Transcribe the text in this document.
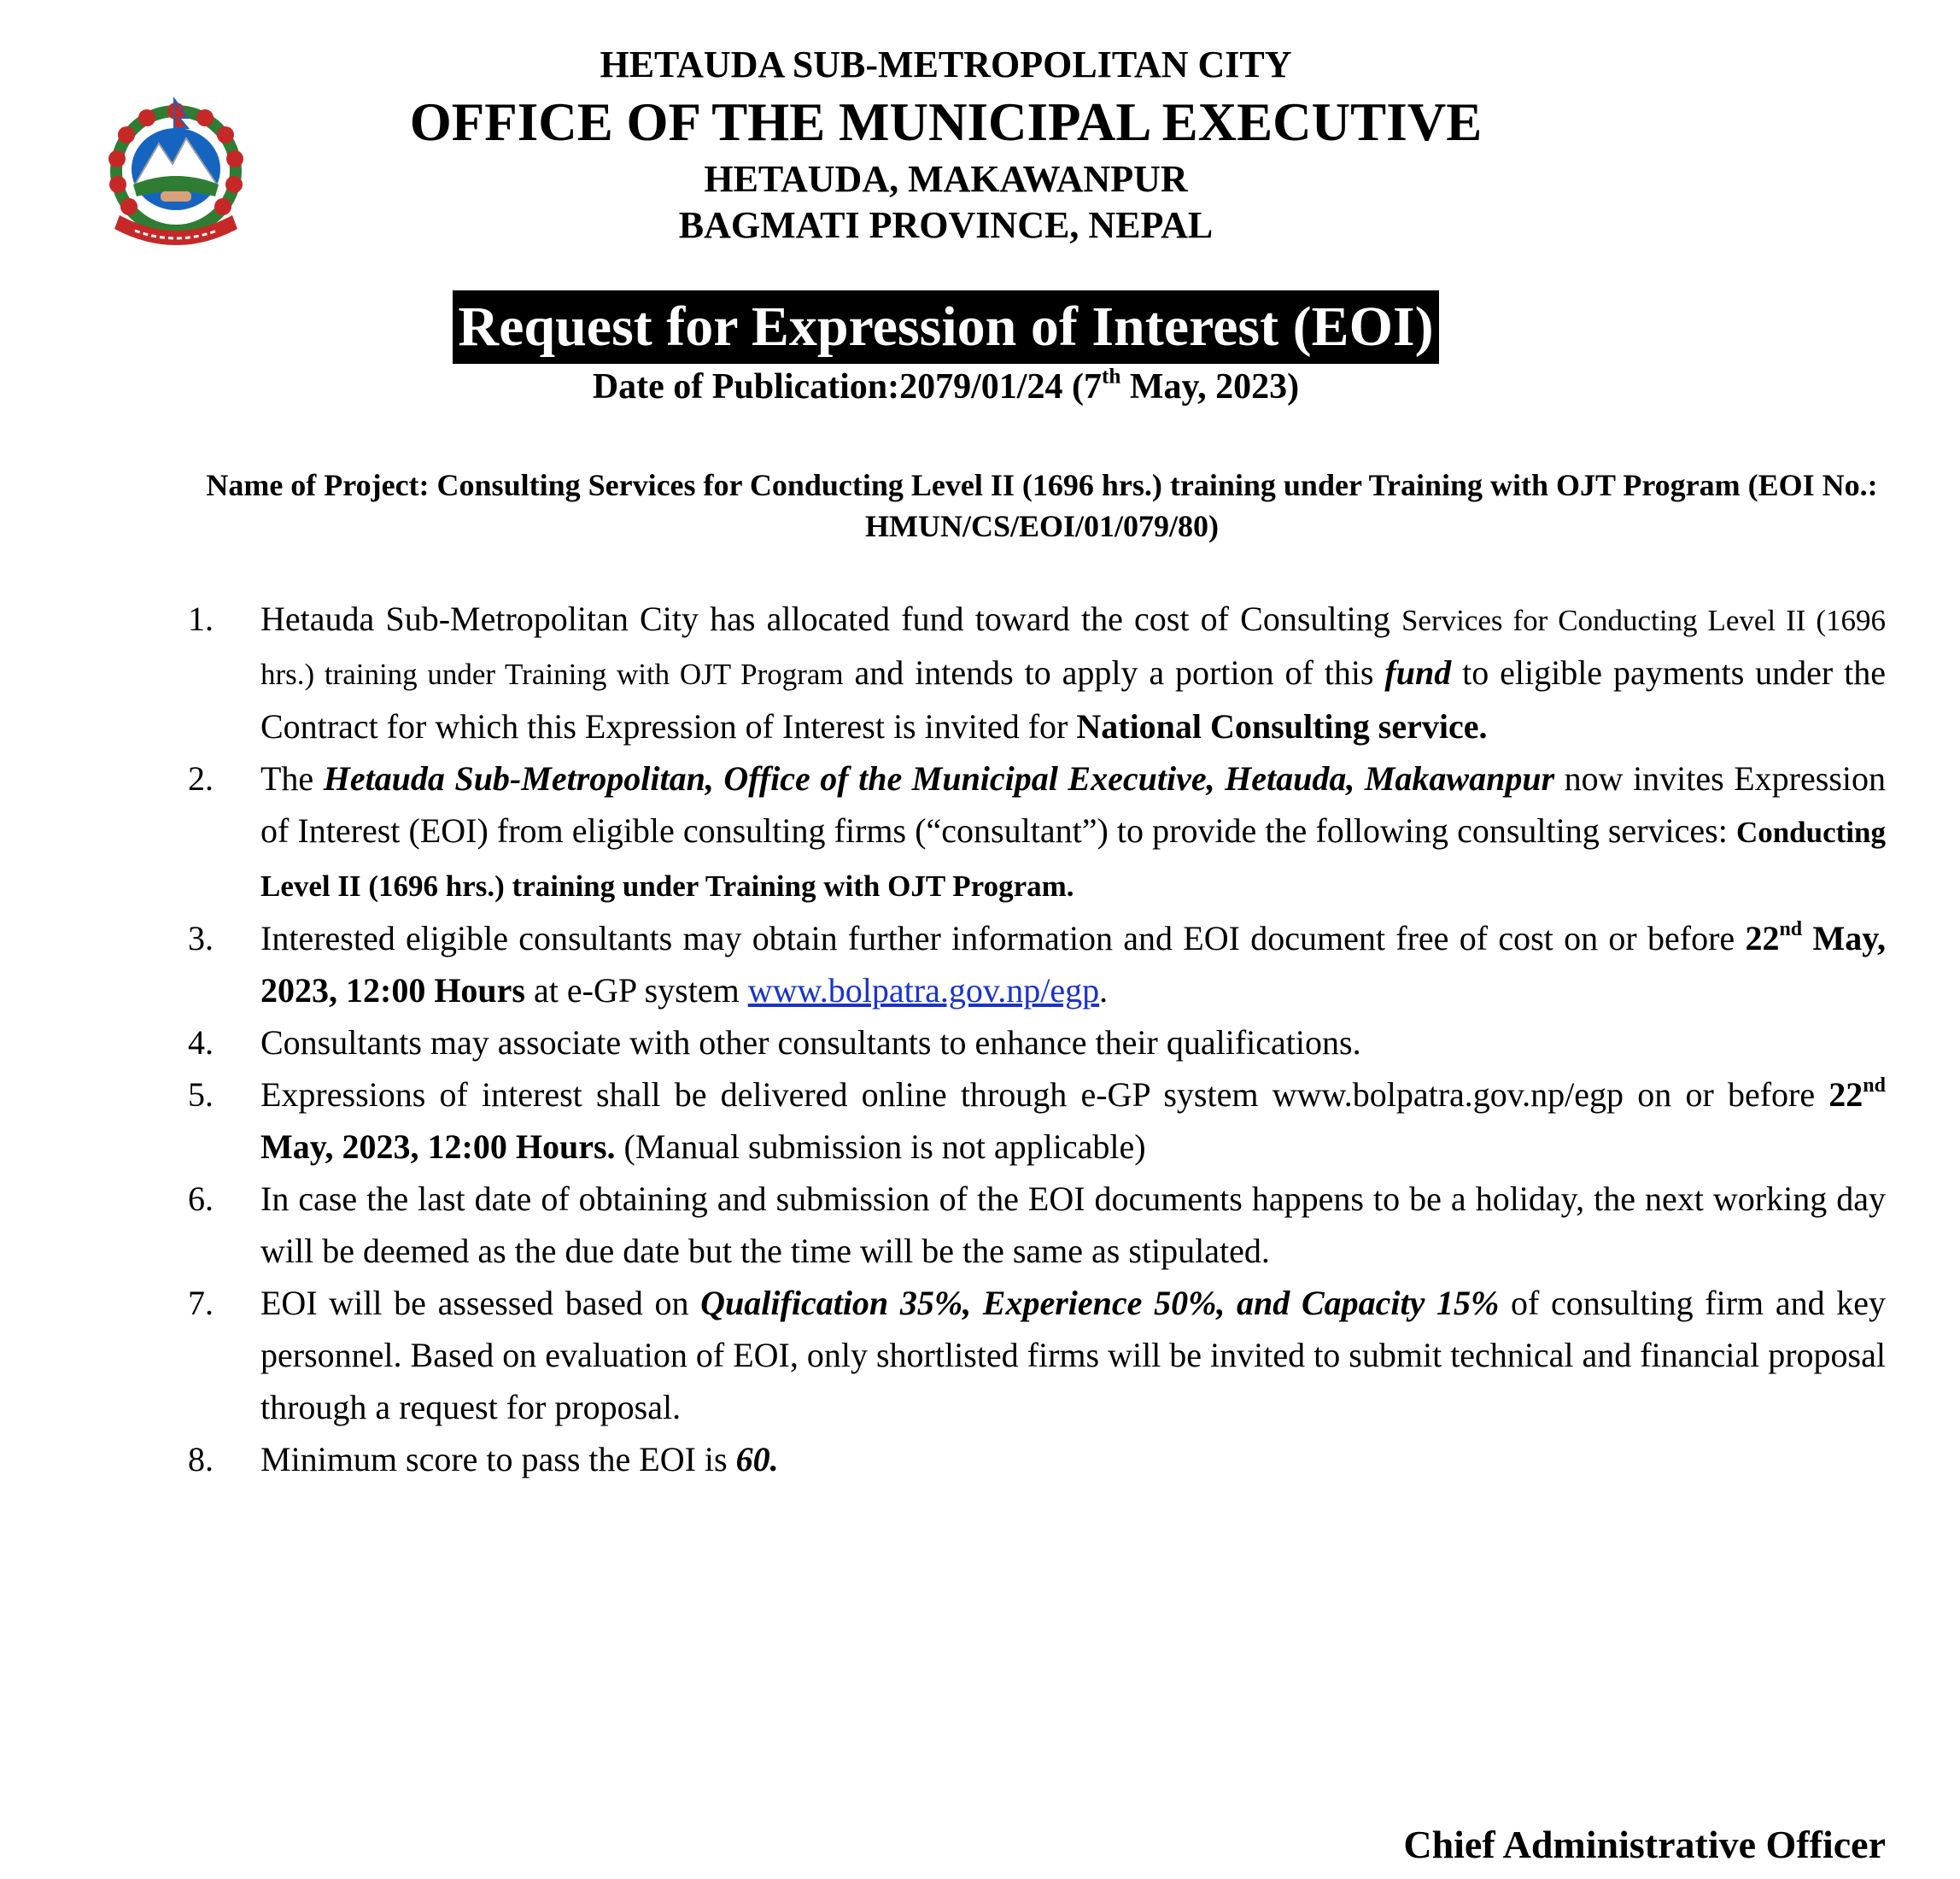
HETAUDA SUB-METROPOLITAN CITY
OFFICE OF THE MUNICIPAL EXECUTIVE
HETAUDA, MAKAWANPUR
BAGMATI PROVINCE, NEPAL
Request for Expression of Interest (EOI)
Date of Publication:2079/01/24 (7th May, 2023)
Name of Project: Consulting Services for Conducting Level II (1696 hrs.) training under Training with OJT Program (EOI No.: HMUN/CS/EOI/01/079/80)
1. Hetauda Sub-Metropolitan City has allocated fund toward the cost of Consulting Services for Conducting Level II (1696 hrs.) training under Training with OJT Program and intends to apply a portion of this fund to eligible payments under the Contract for which this Expression of Interest is invited for National Consulting service.
2. The Hetauda Sub-Metropolitan, Office of the Municipal Executive, Hetauda, Makawanpur now invites Expression of Interest (EOI) from eligible consulting firms (“consultant”) to provide the following consulting services: Conducting Level II (1696 hrs.) training under Training with OJT Program.
3. Interested eligible consultants may obtain further information and EOI document free of cost on or before 22nd May, 2023, 12:00 Hours at e-GP system www.bolpatra.gov.np/egp.
4. Consultants may associate with other consultants to enhance their qualifications.
5. Expressions of interest shall be delivered online through e-GP system www.bolpatra.gov.np/egp on or before 22nd May, 2023, 12:00 Hours. (Manual submission is not applicable)
6. In case the last date of obtaining and submission of the EOI documents happens to be a holiday, the next working day will be deemed as the due date but the time will be the same as stipulated.
7. EOI will be assessed based on Qualification 35%, Experience 50%, and Capacity 15% of consulting firm and key personnel. Based on evaluation of EOI, only shortlisted firms will be invited to submit technical and financial proposal through a request for proposal.
8. Minimum score to pass the EOI is 60.
Chief Administrative Officer
